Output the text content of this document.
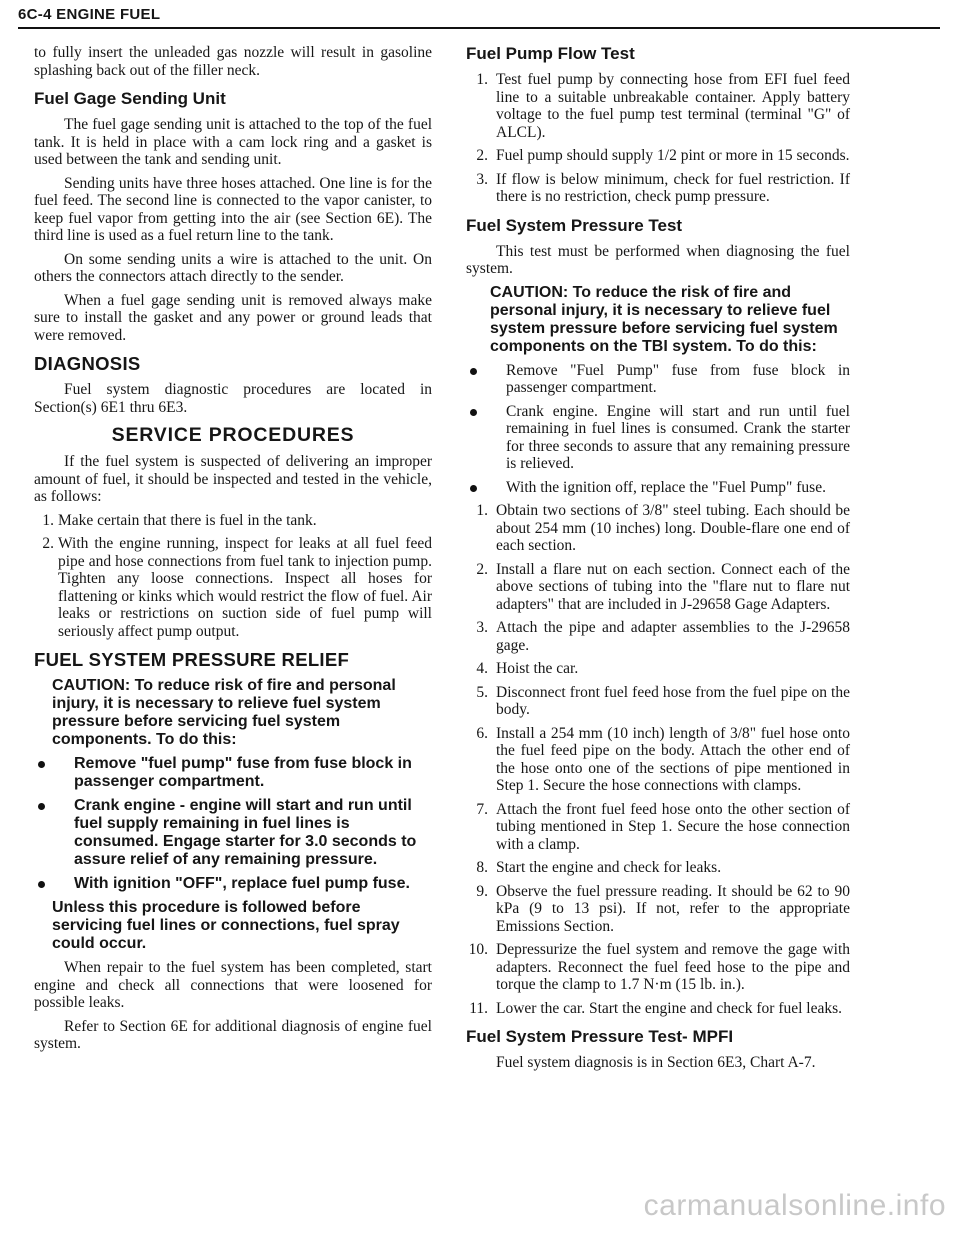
6C-4 ENGINE FUEL

to fully insert the unleaded gas nozzle will result in gasoline splashing back out of the filler neck.

Fuel Gage Sending Unit

The fuel gage sending unit is attached to the top of the fuel tank. It is held in place with a cam lock ring and a gasket is used between the tank and sending unit.

Sending units have three hoses attached. One line is for the fuel feed. The second line is connected to the vapor canister, to keep fuel vapor from getting into the air (see Section 6E). The third line is used as a fuel return line to the tank.

On some sending units a wire is attached to the unit. On others the connectors attach directly to the sender.

When a fuel gage sending unit is removed always make sure to install the gasket and any power or ground leads that were removed.

DIAGNOSIS

Fuel system diagnostic procedures are located in Section(s) 6E1 thru 6E3.

SERVICE PROCEDURES

If the fuel system is suspected of delivering an improper amount of fuel, it should be inspected and tested in the vehicle, as follows:

1. Make certain that there is fuel in the tank.
2. With the engine running, inspect for leaks at all fuel feed pipe and hose connections from fuel tank to injection pump. Tighten any loose connections. Inspect all hoses for flattening or kinks which would restrict the flow of fuel. Air leaks or restrictions on suction side of fuel pump will seriously affect pump output.
FUEL SYSTEM PRESSURE RELIEF

CAUTION: To reduce risk of fire and personal injury, it is necessary to relieve fuel system pressure before servicing fuel system components. To do this:

Remove "fuel pump" fuse from fuse block in passenger compartment.
Crank engine - engine will start and run until fuel supply remaining in fuel lines is consumed. Engage starter for 3.0 seconds to assure relief of any remaining pressure.
With ignition "OFF", replace fuel pump fuse.

Unless this procedure is followed before servicing fuel lines or connections, fuel spray could occur.

When repair to the fuel system has been completed, start engine and check all connections that were loosened for possible leaks.

Refer to Section 6E for additional diagnosis of engine fuel system.

Fuel Pump Flow Test
1. Test fuel pump by connecting hose from EFI fuel feed line to a suitable unbreakable container. Apply battery voltage to the fuel pump test terminal (terminal "G" of ALCL).
2. Fuel pump should supply 1/2 pint or more in 15 seconds.
3. If flow is below minimum, check for fuel restriction. If there is no restriction, check pump pressure.
Fuel System Pressure Test

This test must be performed when diagnosing the fuel system.

CAUTION: To reduce the risk of fire and personal injury, it is necessary to relieve fuel system pressure before servicing fuel system components on the TBI system. To do this:

Remove "Fuel Pump" fuse from fuse block in passenger compartment.
Crank engine. Engine will start and run until fuel remaining in fuel lines is consumed. Crank the starter for three seconds to assure that any remaining pressure is relieved.
With the ignition off, replace the "Fuel Pump" fuse.
1. Obtain two sections of 3/8" steel tubing. Each should be about 254 mm (10 inches) long. Double-flare one end of each section.
2. Install a flare nut on each section. Connect each of the above sections of tubing into the "flare nut to flare nut adapters" that are included in J-29658 Gage Adapters.
3. Attach the pipe and adapter assemblies to the J-29658 gage.
4. Hoist the car.
5. Disconnect front fuel feed hose from the fuel pipe on the body.
6. Install a 254 mm (10 inch) length of 3/8" fuel hose onto the fuel feed pipe on the body. Attach the other end of the hose onto one of the sections of pipe mentioned in Step 1. Secure the hose connections with clamps.
7. Attach the front fuel feed hose onto the other section of tubing mentioned in Step 1. Secure the hose connection with a clamp.
8. Start the engine and check for leaks.
9. Observe the fuel pressure reading. It should be 62 to 90 kPa (9 to 13 psi). If not, refer to the appropriate Emissions Section.
10. Depressurize the fuel system and remove the gage with adapters. Reconnect the fuel feed hose to the pipe and torque the clamp to 1.7 N·m (15 lb. in.).
11. Lower the car. Start the engine and check for fuel leaks.
Fuel System Pressure Test- MPFI

Fuel system diagnosis is in Section 6E3, Chart A-7.

carmanualsonline.info
